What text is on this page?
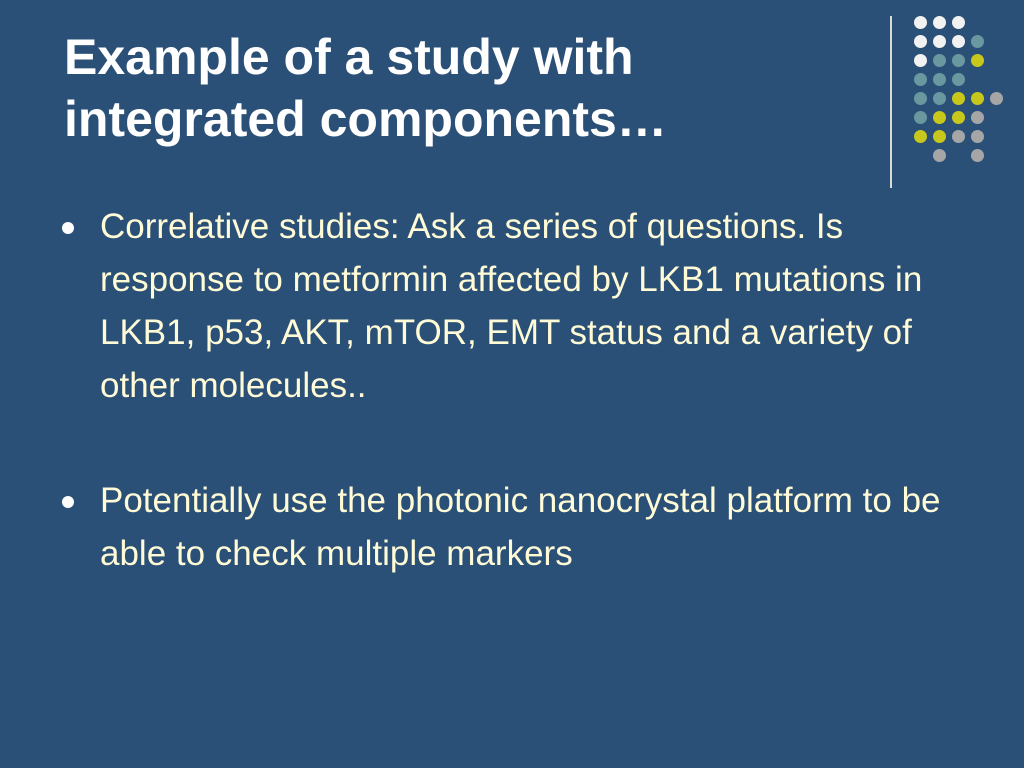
Example of a study with integrated components…
Correlative studies: Ask a series of questions. Is response to metformin affected by LKB1 mutations in LKB1, p53, AKT, mTOR, EMT status and a variety of other molecules..
Potentially use the photonic nanocrystal platform to be able to check multiple markers
